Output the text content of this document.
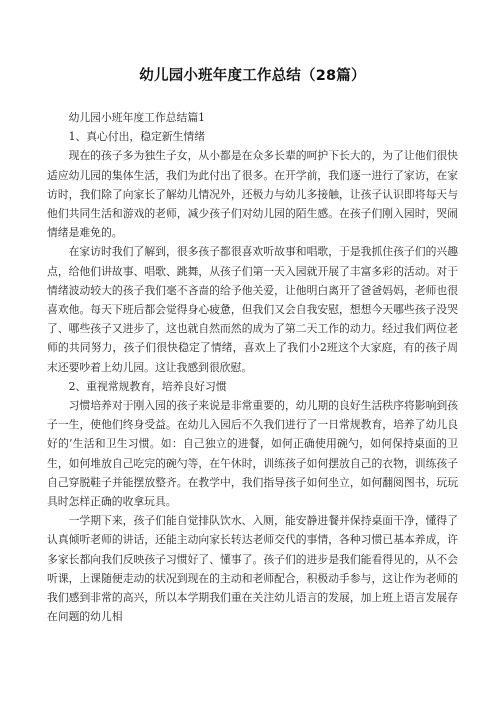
幼儿园小班年度工作总结（28篇）

幼儿园小班年度工作总结篇1

1、真心付出，稳定新生情绪

现在的孩子多为独生子女，从小都是在众多长辈的呵护下长大的，为了让他们很快适应幼儿园的集体生活，我们为此付出了很多。在开学前，我们逐一进行了家访，在家访时，我们除了向家长了解幼儿情况外，还极力与幼儿多接触，让孩子认识即将每天与他们共同生活和游戏的老师，减少孩子们对幼儿园的陌生感。在孩子们刚入园时，哭闹情绪是难免的。

在家访时我们了解到，很多孩子都很喜欢听故事和唱歌，于是我抓住孩子们的兴趣点，给他们讲故事、唱歌、跳舞，从孩子们第一天入园就开展了丰富多彩的活动。对于情绪波动较大的孩子我们毫不吝啬的给予他关爱，让他明白离开了爸爸妈妈，老师也很喜欢他。每天下班后都会觉得身心疲惫，但我们又会自我安慰，想想今天哪些孩子没哭了、哪些孩子又进步了，这也就自然而然的成为了第二天工作的动力。经过我们两位老师的共同努力，孩子们很快稳定了情绪，喜欢上了我们小2班这个大家庭，有的孩子周末还要吵着上幼儿园。这让我感到很欣慰。

2、重视常规教育，培养良好习惯

习惯培养对于刚入园的孩子来说是非常重要的，幼儿期的良好生活秩序将影响到孩子一生，使他们终身受益。在幼儿入园后不久我们进行了一日常规教育，培养了幼儿良好的’生活和卫生习惯。如：自己独立的进餐，如何正确使用碗勺，如何保持桌面的卫生，如何堆放自己吃完的碗勺等，在午休时，训练孩子如何摆放自己的衣物，训练孩子自己穿脱鞋子并能摆放整齐。在教学中，我们指导孩子如何坐立，如何翻阅图书，玩玩具时怎样正确的收拿玩具。

一学期下来，孩子们能自觉排队饮水、入厕，能安静进餐并保持桌面干净，懂得了认真倾听老师的讲话，还能主动向家长转达老师交代的事情，各种习惯已基本养成，许多家长都向我们反映孩子习惯好了、懂事了。孩子们的进步是我们能看得见的，从不会听课，上课随便走动的状况到现在的主动和老师配合，积极动手参与，这让作为老师的我们感到非常的高兴，所以本学期我们重在关注幼儿语言的发展，加上班上语言发展存在问题的幼儿相
